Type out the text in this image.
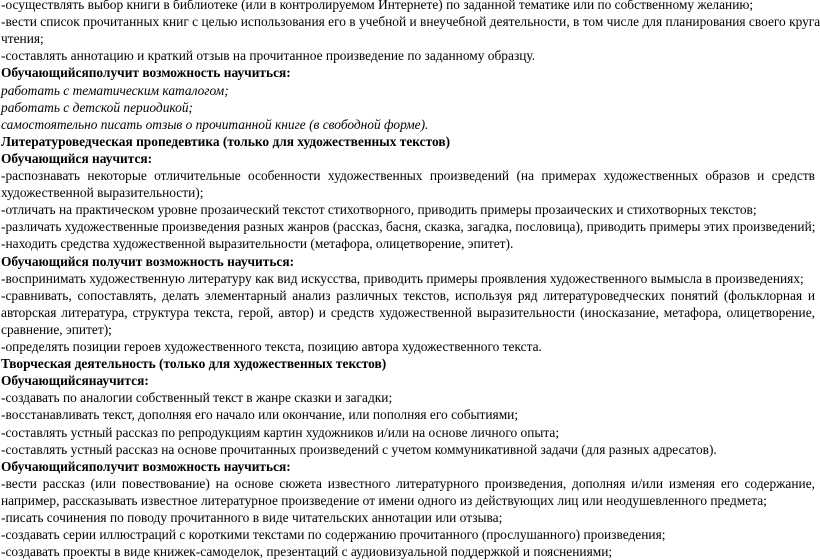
-осуществлять выбор книги в библиотеке (или в контролируемом Интернете) по заданной тематике или по собственному желанию;
-вести список прочитанных книг с целью использования его в учебной и внеучебной деятельности, в том числе для планирования своего круга
чтения;
-составлять аннотацию и краткий отзыв на прочитанное произведение по заданному образцу.
Обучающийсяполучит возможность научиться:
работать с тематическим каталогом;
работать с детской периодикой;
самостоятельно писать отзыв о прочитанной книге (в свободной форме).
Литературоведческая пропедевтика (только для художественных текстов)
Обучающийся научится:
-распознавать некоторые отличительные особенности художественных произведений (на примерах художественных образов и средств
художественной выразительности);
-отличать на практическом уровне прозаический текстот стихотворного, приводить примеры прозаических и стихотворных текстов;
-различать художественные произведения разных жанров (рассказ, басня, сказка, загадка, пословица), приводить примеры этих произведений;
-находить средства художественной выразительности (метафора, олицетворение, эпитет).
Обучающийся получит возможность научиться:
-воспринимать художественную литературу как вид искусства, приводить примеры проявления художественного вымысла в произведениях;
-сравнивать, сопоставлять, делать элементарный анализ различных текстов, используя ряд литературоведческих понятий (фольклорная и
авторская литература, структура текста, герой, автор) и средств художественной выразительности (иносказание, метафора, олицетворение,
сравнение, эпитет);
-определять позиции героев художественного текста, позицию автора художественного текста.
Творческая деятельность (только для художественных текстов)
Обучающийсянаучится:
-создавать по аналогии собственный текст в жанре сказки и загадки;
-восстанавливать текст, дополняя его начало или окончание, или пополняя его событиями;
-составлять устный рассказ по репродукциям картин художников и/или на основе личного опыта;
-составлять устный рассказ на основе прочитанных произведений с учетом коммуникативной задачи (для разных адресатов).
Обучающийсяполучит возможность научиться:
-вести рассказ (или повествование) на основе сюжета известного литературного произведения, дополняя и/или изменяя его содержание,
например, рассказывать известное литературное произведение от имени одного из действующих лиц или неодушевленного предмета;
-писать сочинения по поводу прочитанного в виде читательских аннотации или отзыва;
-создавать серии иллюстраций с короткими текстами по содержанию прочитанного (прослушанного) произведения;
-создавать проекты в виде книжек-самоделок, презентаций с аудиовизуальной поддержкой и пояснениями;
